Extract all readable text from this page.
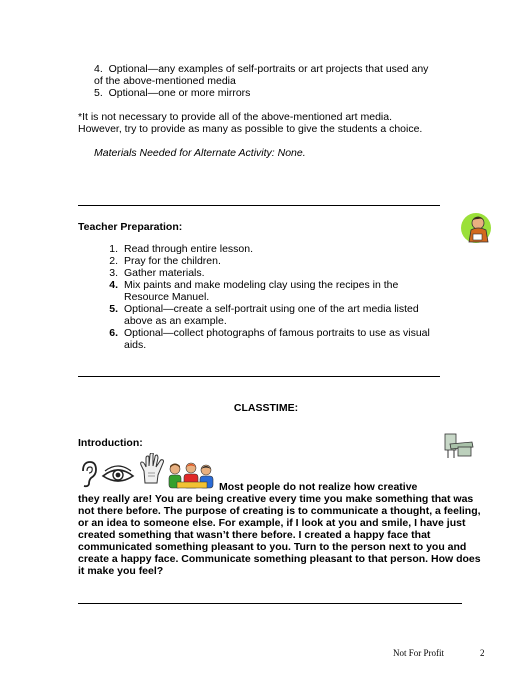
4. Optional—any examples of self-portraits or art projects that used any
of the above-mentioned media
5. Optional—one or more mirrors
*It is not necessary to provide all of the above-mentioned art media.
However, try to provide as many as possible to give the students a choice.
Materials Needed for Alternate Activity: None.
Teacher Preparation:
1. Read through entire lesson.
2. Pray for the children.
3. Gather materials.
4. Mix paints and make modeling clay using the recipes in the
Resource Manuel.
5. Optional—create a self-portrait using one of the art media listed
above as an example.
6. Optional—collect photographs of famous portraits to use as visual
aids.
CLASSTIME:
Introduction:
Most people do not realize how creative
they really are! You are being creative every time you make something that was
not there before. The purpose of creating is to communicate a thought, a feeling,
or an idea to someone else. For example, if I look at you and smile, I have just
created something that wasn’t there before. I created a happy face that
communicated something pleasant to you. Turn to the person next to you and
create a happy face. Communicate something pleasant to that person. How does
it make you feel?
Not For Profit	2
